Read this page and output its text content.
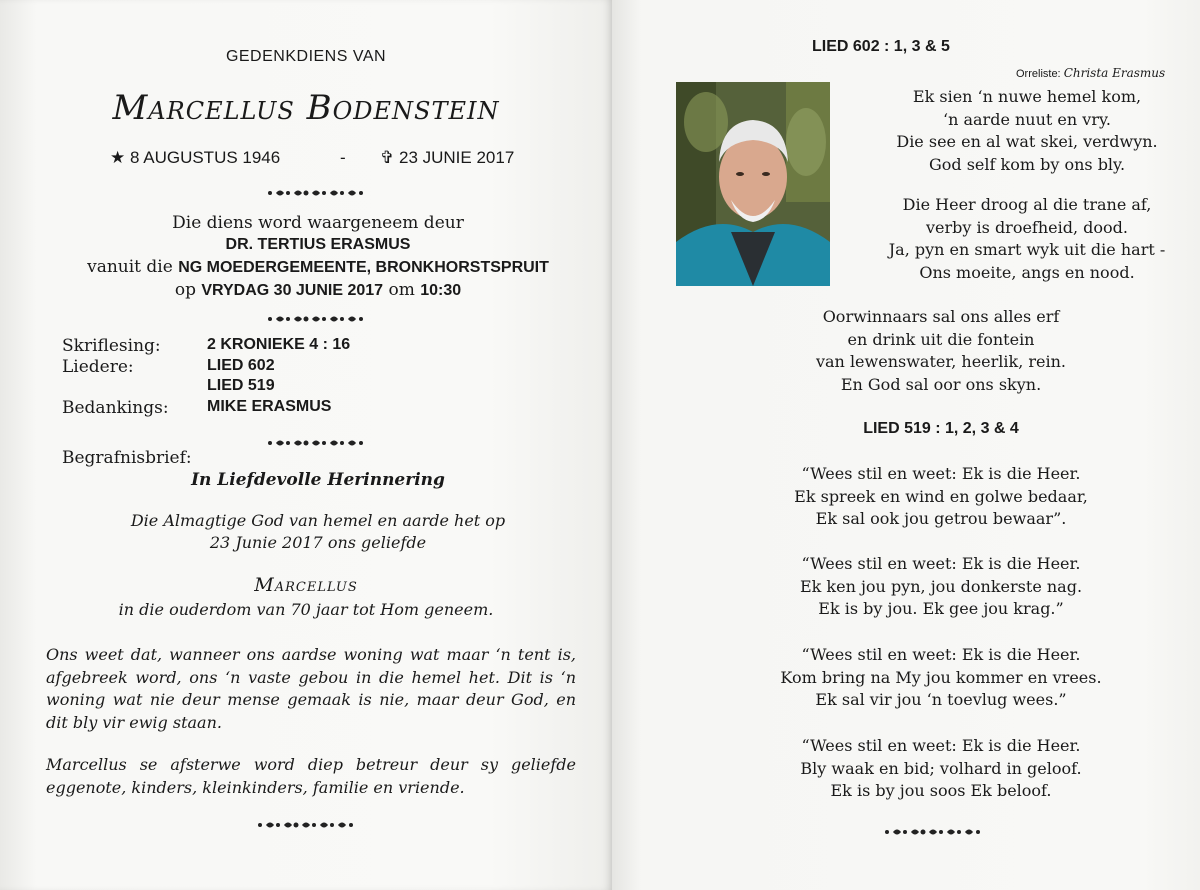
GEDENKDIENS VAN
Marcellus Bodenstein
★ 8 AUGUSTUS 1946	- ✞ 23 JUNIE 2017
Die diens word waargeneem deur
DR. TERTIUS ERASMUS
vanuit die NG MOEDERGEMEENTE, BRONKHORSTSPRUIT
op VRYDAG 30 JUNIE 2017 om 10:30
Skriflesing:	2 KRONIEKE 4 : 16
Liedere:	LIED 602
LIED 519
Bedankings:	MIKE ERASMUS
Begrafnisbrief:
In Liefdevolle Herinnering
Die Almagtige God van hemel en aarde het op
23 Junie 2017 ons geliefde
Marcellus
in die ouderdom van 70 jaar tot Hom geneem.
Ons weet dat, wanneer ons aardse woning wat maar ‘n tent is, afgebreek word, ons ‘n vaste gebou in die hemel het. Dit is ‘n woning wat nie deur mense gemaak is nie, maar deur God, en dit bly vir ewig staan.
Marcellus se afsterwe word diep betreur deur sy geliefde eggenote, kinders, kleinkinders, familie en vriende.
LIED 602 : 1, 3 & 5
Orreliste: Christa Erasmus
Ek sien ‘n nuwe hemel kom,
‘n aarde nuut en vry.
Die see en al wat skei, verdwyn.
God self kom by ons bly.
Die Heer droog al die trane af,
verby is droefheid, dood.
Ja, pyn en smart wyk uit die hart -
Ons moeite, angs en nood.
Oorwinnaars sal ons alles erf
en drink uit die fontein
van lewenswater, heerlik, rein.
En God sal oor ons skyn.
LIED 519 : 1, 2, 3 & 4
“Wees stil en weet: Ek is die Heer.
Ek spreek en wind en golwe bedaar,
Ek sal ook jou getrou bewaar”.
“Wees stil en weet: Ek is die Heer.
Ek ken jou pyn, jou donkerste nag.
Ek is by jou. Ek gee jou krag.”
“Wees stil en weet: Ek is die Heer.
Kom bring na My jou kommer en vrees.
Ek sal vir jou ‘n toevlug wees.”
“Wees stil en weet: Ek is die Heer.
Bly waak en bid; volhard in geloof.
Ek is by jou soos Ek beloof.
